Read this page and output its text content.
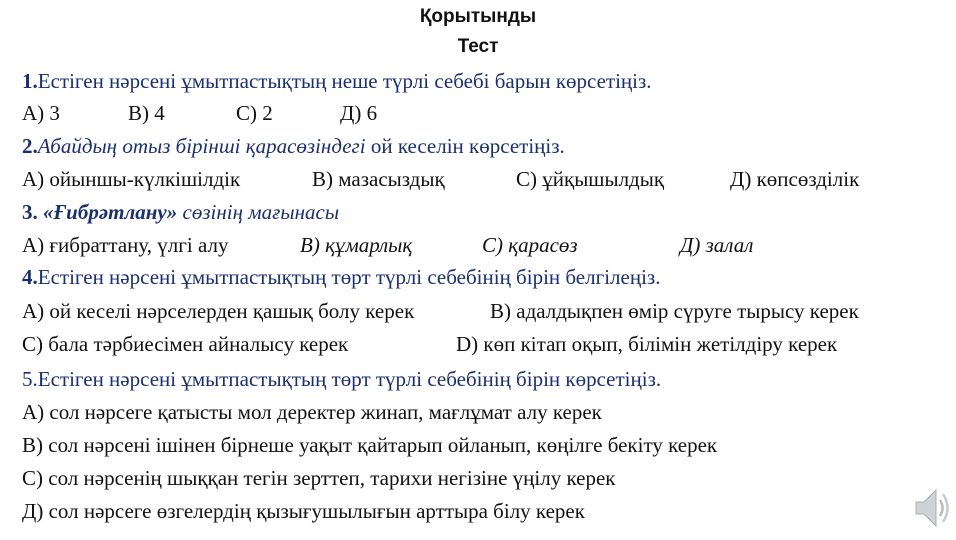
Қорытынды
Тест
1.Естіген нәрсені ұмытпастықтың неше түрлі себебі барын көрсетіңіз.
А) 3	В) 4	С) 2	Д) 6
2.Абайдың отыз бірінші қарасөзіндегі ой кеселін көрсетіңіз.
А) ойыншы-күлкішілдік	В) мазасыздық	С) ұйқышылдық	Д) көпсөзділік
3. «Ғибрәтлану» сөзінің мағынасы
А) ғибраттану, үлгі алу	В) құмарлық	С) қарасөз	Д) залал
4.Естіген нәрсені ұмытпастықтың төрт түрлі себебінің бірін белгілеңіз.
А) ой кеселі нәрселерден қашық болу керек	В) адалдықпен өмір сүруге тырысу керек
С) бала тәрбиесімен айналысу керек	D) көп кітап оқып, білімін жетілдіру керек
5.Естіген нәрсені ұмытпастықтың төрт түрлі себебінің бірін көрсетіңіз.
А) сол нәрсеге қатысты мол деректер жинап, мағлұмат алу керек
В) сол нәрсені ішінен бірнеше уақыт қайтарып ойланып, көңілге бекіту керек
С) сол нәрсенің шыққан тегін зерттеп, тарихи негізіне үңілу керек
Д) сол нәрсеге өзгелердің қызығушылығын арттыра білу керек
